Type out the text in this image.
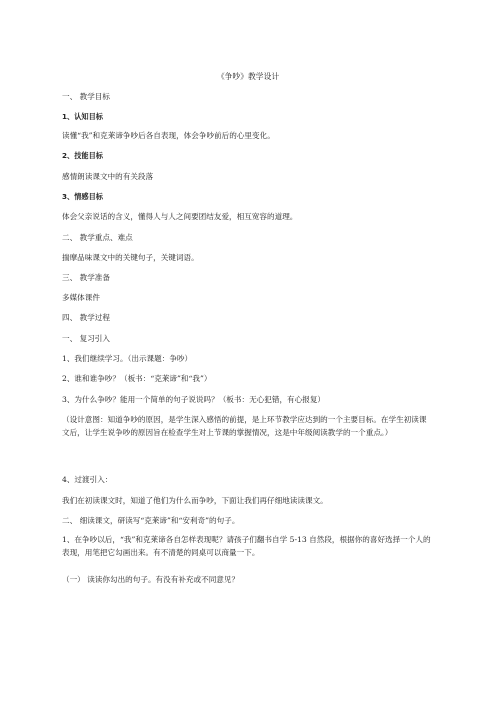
《争吵》教学设计
一、 教学目标
1、认知目标
读懂“我”和克莱谛争吵后各自表现，体会争吵前后的心里变化。
2、技能目标
感情朗读课文中的有关段落
3、情感目标
体会父亲说话的含义，懂得人与人之间要团结友爱，相互宽容的道理。
二、 教学重点、难点
揣摩品味课文中的关键句子，关键词语。
三、 教学准备
多媒体课件
四、 教学过程
一、 复习引入
1、我们继续学习。（出示课题：争吵）
2、谁和谁争吵？（板书：“克莱谛”和“我”）
3、为什么争吵？能用一个简单的句子说说吗？（板书：无心犯错，有心报复）
（设计意图：知道争吵的原因，是学生深入感悟的前提，是上环节教学应达到的一个主要目标。在学生初读课文后，让学生说争吵的原因旨在检查学生对上节课的掌握情况，这是中年级阅读教学的一个重点。）
4、过渡引入：
我们在初读课文时，知道了他们为什么而争吵，下面让我们再仔细地读读课文。
二、 细读课文，研读写“克莱谛”和“安利奇”的句子。
1、在争吵以后，“我”和克莱谛各自怎样表现呢？请孩子们翻书自学 5-13 自然段，根据你的喜好选择一个人的表现，用笔把它勾画出来。有不清楚的同桌可以商量一下。
（一） 读读你勾出的句子。有没有补充或不同意见？
